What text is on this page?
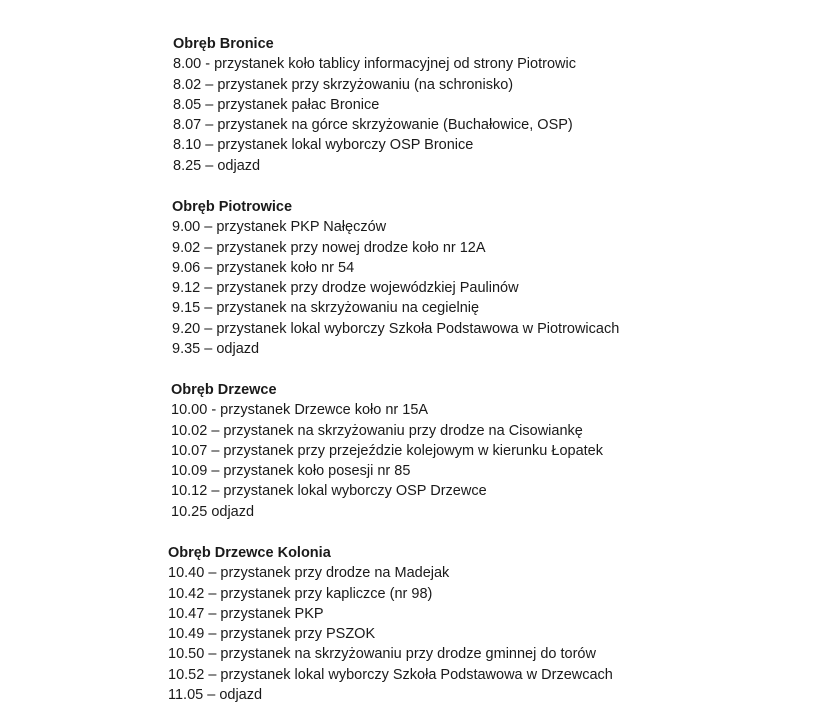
Obręb Bronice
8.00 - przystanek koło tablicy informacyjnej od strony Piotrowic
8.02 – przystanek przy skrzyżowaniu (na schronisko)
8.05 – przystanek pałac Bronice
8.07 – przystanek na górce skrzyżowanie (Buchałowice, OSP)
8.10 – przystanek lokal wyborczy OSP Bronice
8.25 – odjazd
Obręb Piotrowice
9.00 – przystanek PKP Nałęczów
9.02 – przystanek przy nowej drodze koło nr 12A
9.06 – przystanek koło nr 54
9.12 – przystanek przy drodze wojewódzkiej Paulinów
9.15 – przystanek na skrzyżowaniu na cegielnię
9.20 – przystanek lokal wyborczy Szkoła Podstawowa w Piotrowicach
9.35 – odjazd
Obręb Drzewce
10.00 - przystanek Drzewce koło nr 15A
10.02 – przystanek na skrzyżowaniu przy drodze na Cisowiankę
10.07 – przystanek przy przejeździe kolejowym w kierunku Łopatek
10.09 – przystanek koło posesji nr 85
10.12 – przystanek lokal wyborczy OSP Drzewce
10.25 odjazd
Obręb Drzewce Kolonia
10.40 – przystanek przy drodze na Madejak
10.42 – przystanek przy kapliczce (nr 98)
10.47 – przystanek PKP
10.49 – przystanek przy PSZOK
10.50 – przystanek na skrzyżowaniu przy drodze gminnej do torów
10.52 – przystanek lokal wyborczy Szkoła Podstawowa w Drzewcach
11.05 – odjazd
